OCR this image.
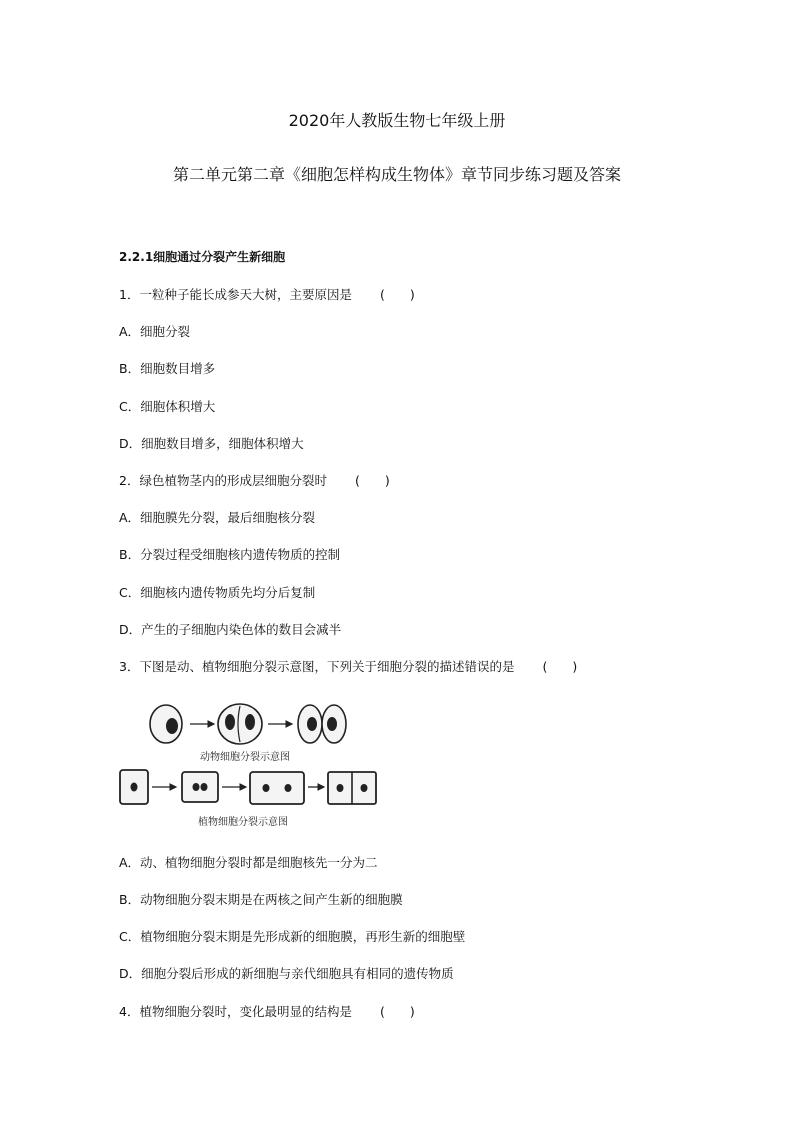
2020年人教版生物七年级上册
第二单元第二章《细胞怎样构成生物体》章节同步练习题及答案
2.2.1细胞通过分裂产生新细胞
1．一粒种子能长成参天大树，主要原因是 (　　)
A．细胞分裂
B．细胞数目增多
C．细胞体积增大
D．细胞数目增多，细胞体积增大
2．绿色植物茎内的形成层细胞分裂时 (　　)
A．细胞膜先分裂，最后细胞核分裂
B．分裂过程受细胞核内遗传物质的控制
C．细胞核内遗传物质先均分后复制
D．产生的子细胞内染色体的数目会减半
3．下图是动、植物细胞分裂示意图，下列关于细胞分裂的描述错误的是 (　　)
动物细胞分裂示意图
植物细胞分裂示意图
A．动、植物细胞分裂时都是细胞核先一分为二
B．动物细胞分裂末期是在两核之间产生新的细胞膜
C．植物细胞分裂末期是先形成新的细胞膜，再形生新的细胞壁
D．细胞分裂后形成的新细胞与亲代细胞具有相同的遗传物质
4．植物细胞分裂时，变化最明显的结构是 (　　)
